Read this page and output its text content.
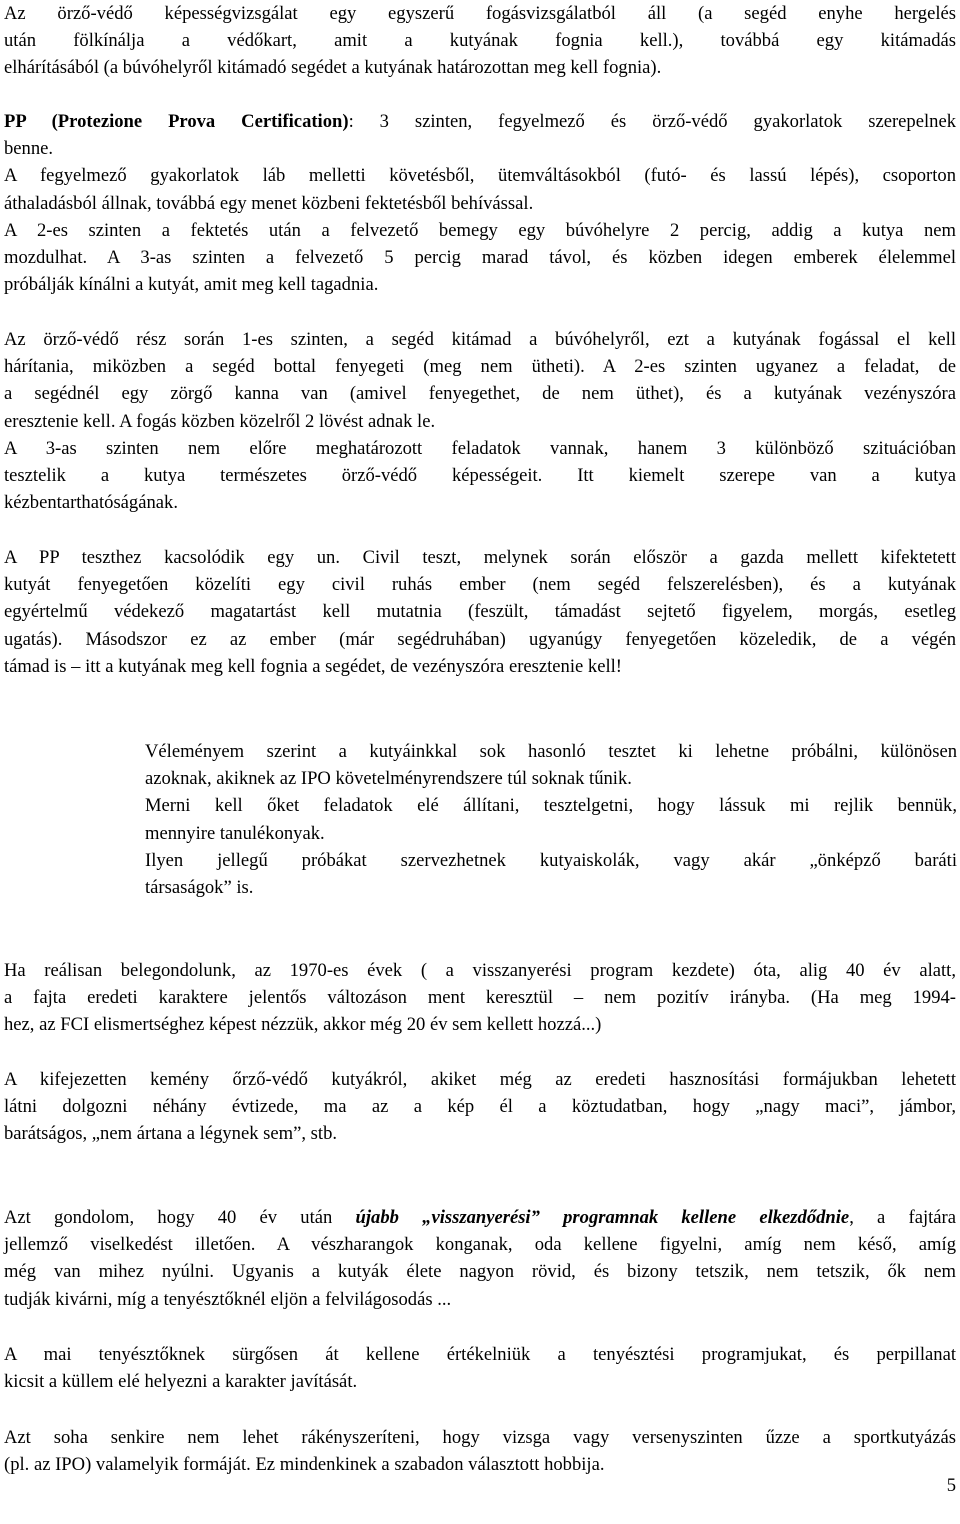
Az örző-védő képességvizsgálat egy egyszerű fogásvizsgálatból áll (a segéd enyhe hergelés
után fölkínálja a védőkart, amit a kutyának fognia kell.), továbbá egy kitámadás
elhárításából (a búvóhelyről kitámadó segédet a kutyának határozottan meg kell fognia).

PP (Protezione Prova Certification): 3 szinten, fegyelmező és örző-védő gyakorlatok szerepelnek
benne.
A fegyelmező gyakorlatok láb melletti követésből, ütemváltásokból (futó- és lassú lépés), csoporton
áthaladásból állnak, továbbá egy menet közbeni fektetésből behívással.
A 2-es szinten a fektetés után a felvezető bemegy egy búvóhelyre 2 percig, addig a kutya nem
mozdulhat. A 3-as szinten a felvezető 5 percig marad távol, és közben idegen emberek élelemmel
próbálják kínálni a kutyát, amit meg kell tagadnia.

Az örző-védő rész során 1-es szinten, a segéd kitámad a búvóhelyről, ezt a kutyának fogással el kell
hárítania, miközben a segéd bottal fenyegeti (meg nem ütheti). A 2-es szinten ugyanez a feladat, de
a segédnél egy zörgő kanna van (amivel fenyegethet, de nem üthet), és a kutyának vezényszóra
eresztenie kell. A fogás közben közelről 2 lövést adnak le.
A 3-as szinten nem előre meghatározott feladatok vannak, hanem 3 különböző szituációban
tesztelik a kutya természetes örző-védő képességeit. Itt kiemelt szerepe van a kutya
kézbentarthatóságának.

A PP teszthez kacsolódik egy un. Civil teszt, melynek során először a gazda mellett kifektetett
kutyát fenyegetően közelíti egy civil ruhás ember (nem segéd felszerelésben), és a kutyának
egyértelmű védekező magatartást kell mutatnia (feszült, támadást sejtető figyelem, morgás, esetleg
ugatás). Másodszor ez az ember (már segédruhában) ugyanúgy fenyegetően közeledik, de a végén
támad is – itt a kutyának meg kell fognia a segédet, de vezényszóra eresztenie kell!

Véleményem szerint a kutyáinkkal sok hasonló tesztet ki lehetne próbálni, különösen
azoknak, akiknek az IPO követelményrendszere túl soknak tűnik.
Merni kell őket feladatok elé állítani, tesztelgetni, hogy lássuk mi rejlik bennük,
mennyire tanulékonyak.
Ilyen jellegű próbákat szervezhetnek kutyaiskolák, vagy akár „önképző baráti
társaságok” is.

Ha reálisan belegondolunk, az 1970-es évek ( a visszanyerési program kezdete) óta, alig 40 év alatt,
a fajta eredeti karaktere jelentős változáson ment keresztül – nem pozitív irányba. (Ha meg 1994-
hez, az FCI elismertséghez képest nézzük, akkor még 20 év sem kellett hozzá...)

A kifejezetten kemény őrző-védő kutyákról, akiket még az eredeti hasznosítási formájukban lehetett
látni dolgozni néhány évtizede, ma az a kép él a köztudatban, hogy „nagy maci”, jámbor,
barátságos, „nem ártana a légynek sem”, stb.

Azt gondolom, hogy 40 év után újabb „visszanyerési” programnak kellene elkezdődnie, a fajtára
jellemző viselkedést illetően. A vészharangok konganak, oda kellene figyelni, amíg nem késő, amíg
még van mihez nyúlni. Ugyanis a kutyák élete nagyon rövid, és bizony tetszik, nem tetszik, ők nem
tudják kivárni, míg a tenyésztőknél eljön a felvilágosodás ...

A mai tenyésztőknek sürgősen át kellene értékelniük a tenyésztési programjukat, és perpillanat
kicsit a küllem elé helyezni a karakter javítását.

Azt soha senkire nem lehet rákényszeríteni, hogy vizsga vagy versenyszinten űzze a sportkutyázás
(pl. az IPO) valamelyik formáját. Ez mindenkinek a szabadon választott hobbija.

5
